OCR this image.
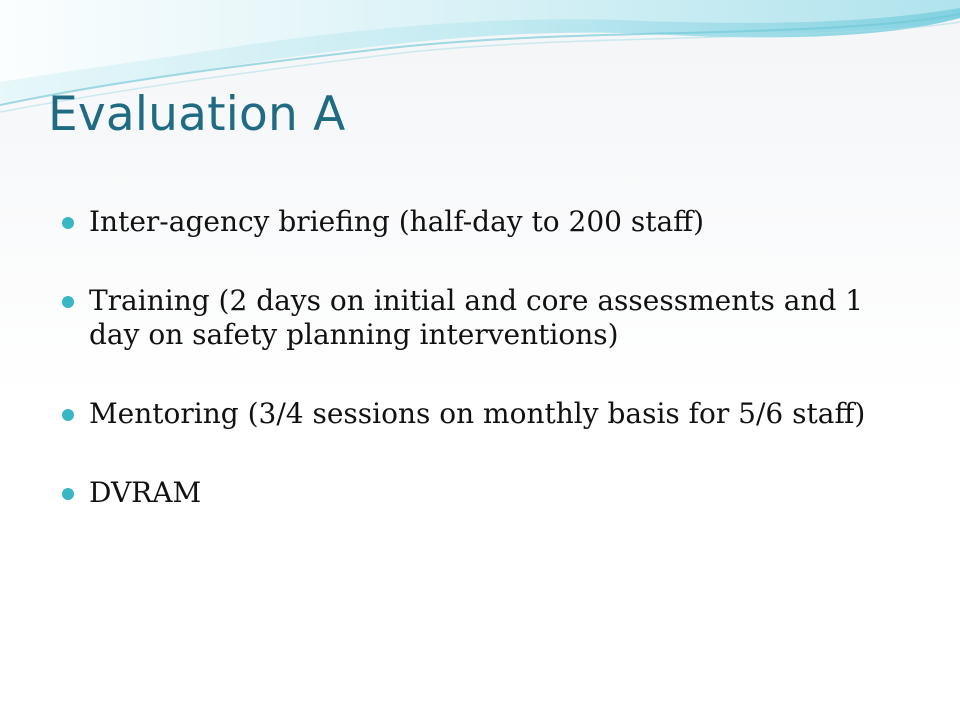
Evaluation A
Inter-agency briefing (half-day to 200 staff)
Training (2 days on initial and core assessments and 1 day on safety planning interventions)
Mentoring (3/4 sessions on monthly basis for 5/6 staff)
DVRAM
